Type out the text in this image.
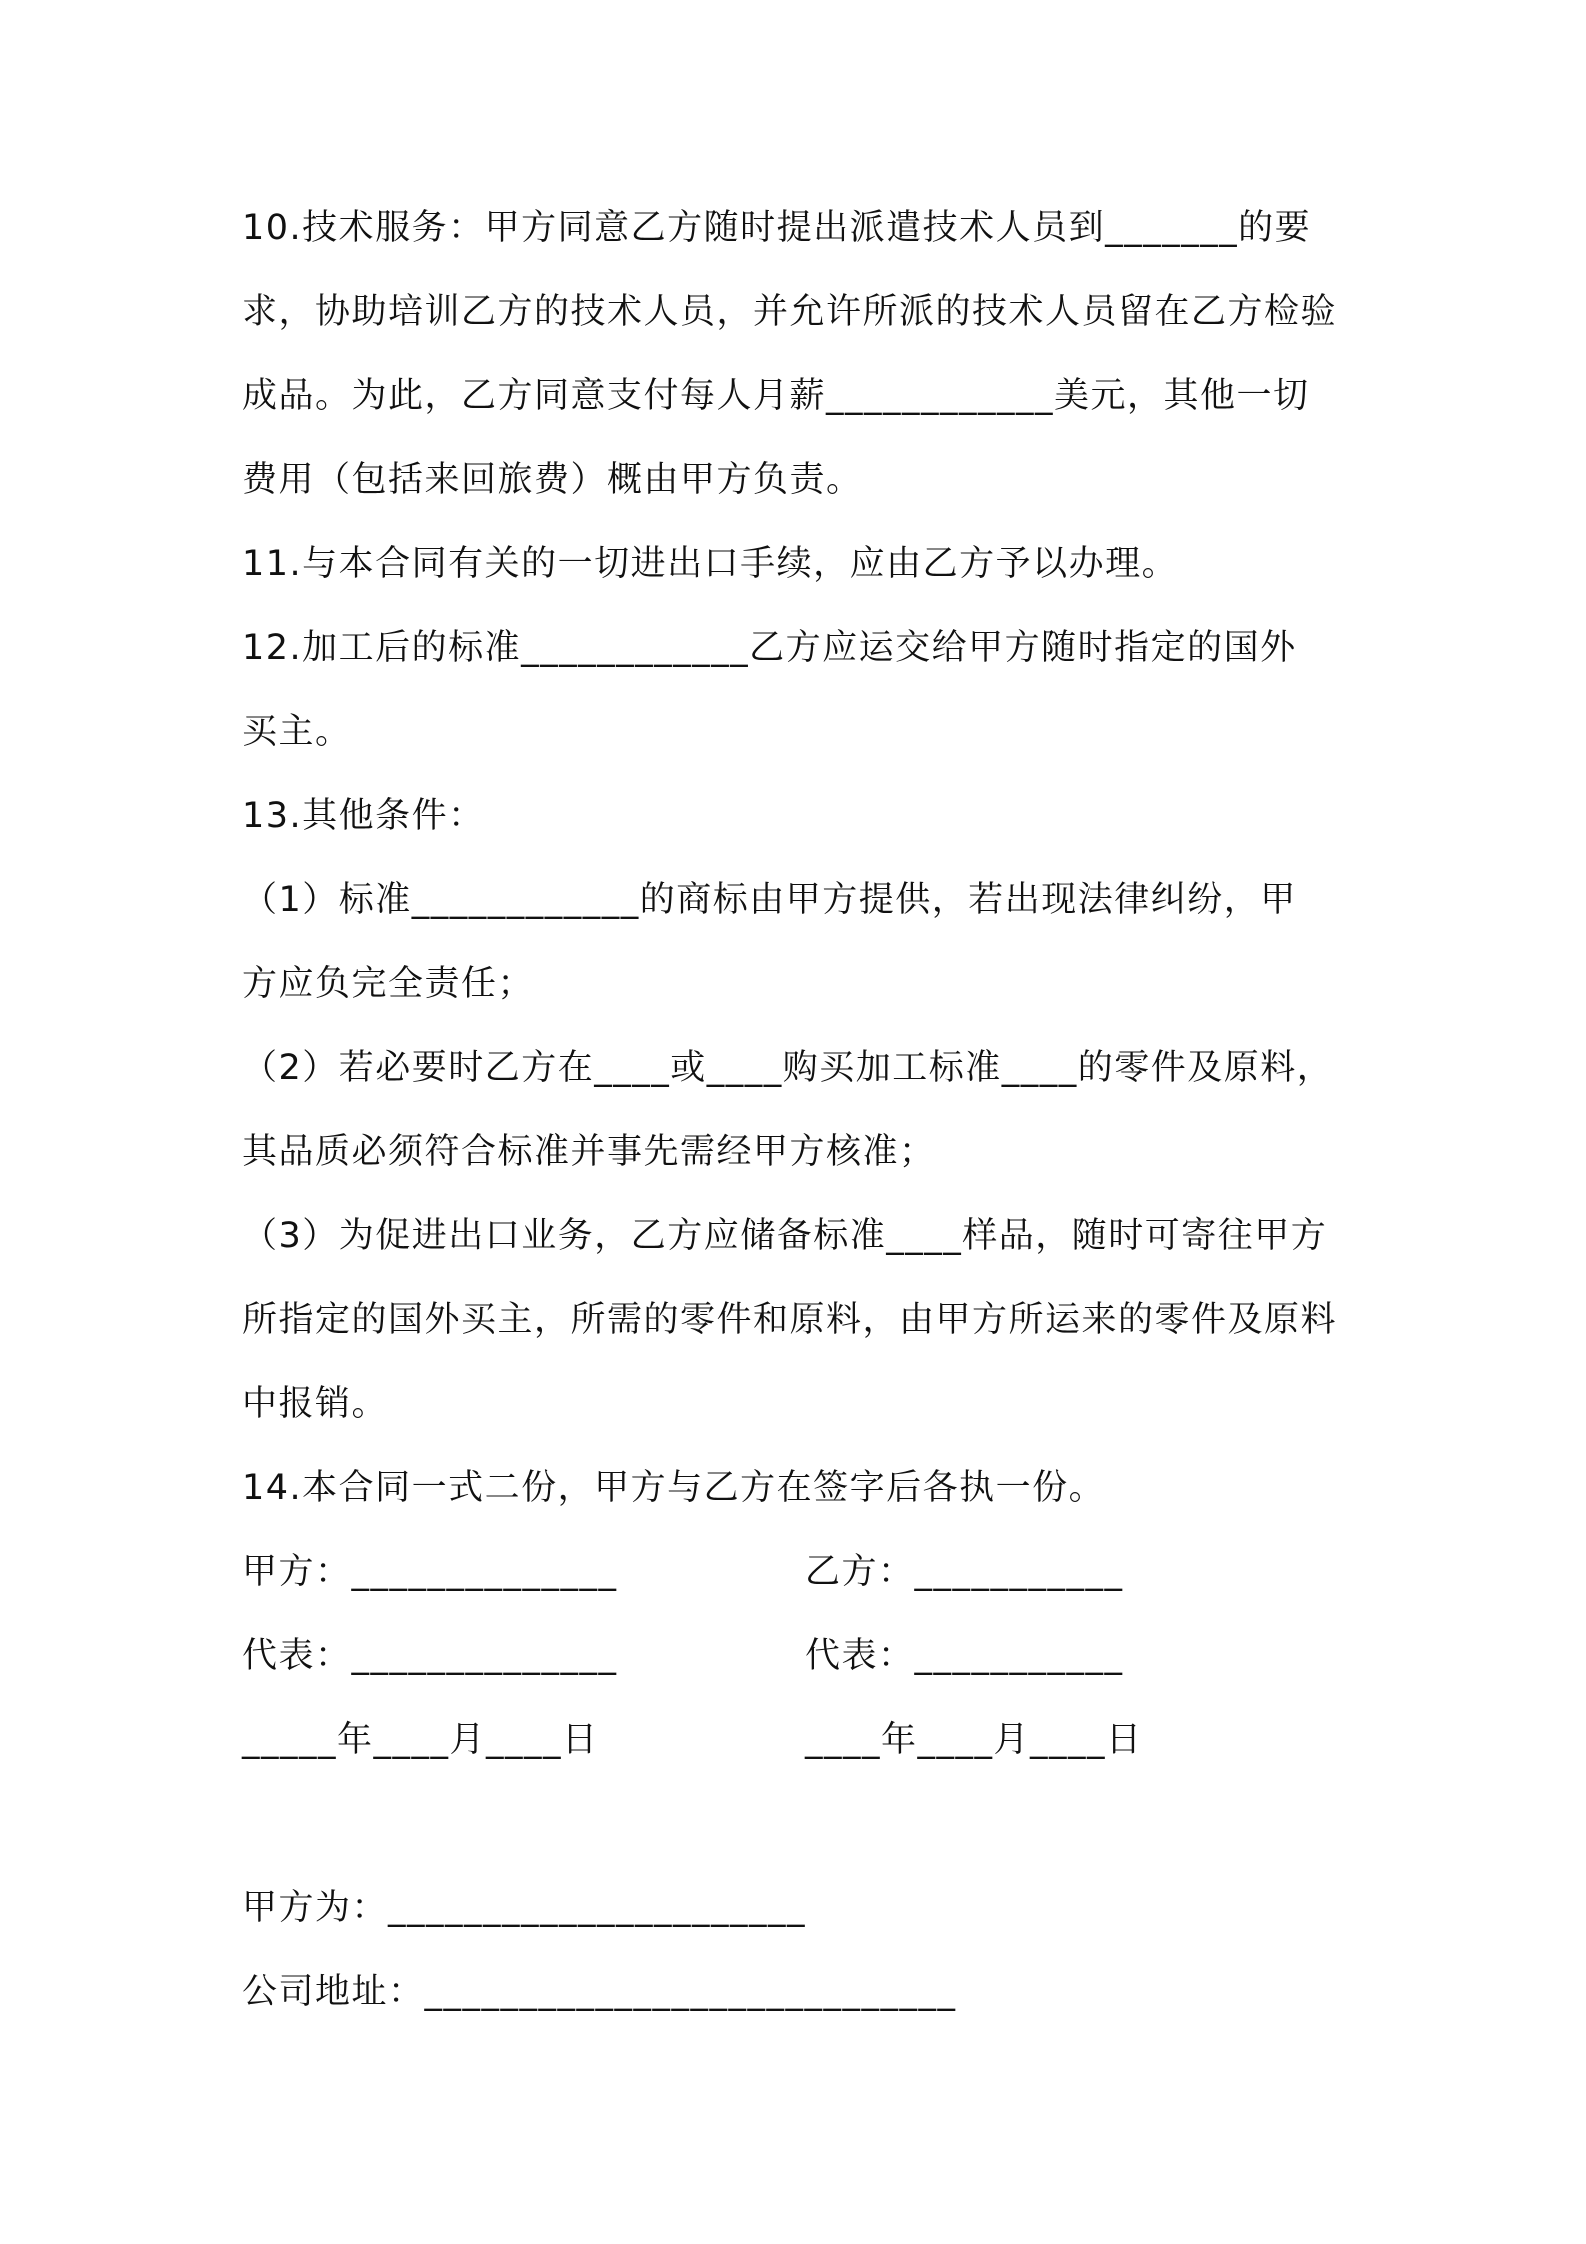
10.技术服务：甲方同意乙方随时提出派遣技术人员到_______的要
求，协助培训乙方的技术人员，并允许所派的技术人员留在乙方检验
成品。为此，乙方同意支付每人月薪____________美元，其他一切
费用（包括来回旅费）概由甲方负责。
11.与本合同有关的一切进出口手续，应由乙方予以办理。
12.加工后的标准____________乙方应运交给甲方随时指定的国外
买主。
13.其他条件：
（1）标准____________的商标由甲方提供，若出现法律纠纷，甲
方应负完全责任；
（2）若必要时乙方在____或____购买加工标准____的零件及原料，
其品质必须符合标准并事先需经甲方核准；
（3）为促进出口业务，乙方应储备标准____样品，随时可寄往甲方
所指定的国外买主，所需的零件和原料，由甲方所运来的零件及原料
中报销。
14.本合同一式二份，甲方与乙方在签字后各执一份。
甲方：______________	乙方：___________
代表：______________	代表：___________
_____年____月____日	____年____月____日
甲方为：______________________
公司地址：____________________________
